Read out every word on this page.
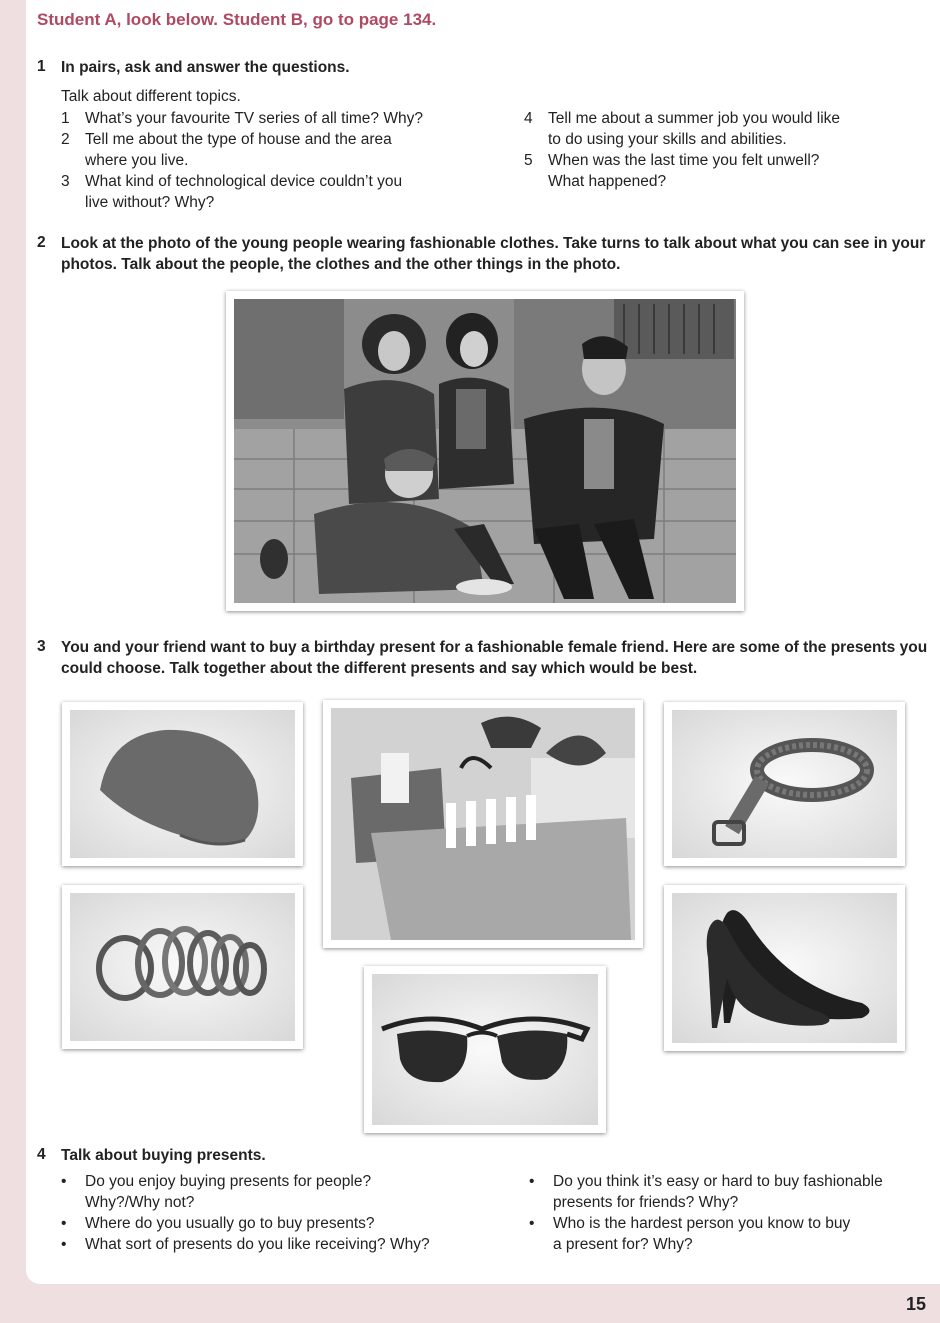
Student A, look below. Student B, go to page 134.
1 In pairs, ask and answer the questions.
Talk about different topics.
1 What’s your favourite TV series of all time? Why?
2 Tell me about the type of house and the area
where you live.
3 What kind of technological device couldn’t you
live without? Why?
4 Tell me about a summer job you would like
to do using your skills and abilities.
5 When was the last time you felt unwell?
What happened?
2 Look at the photo of the young people wearing fashionable clothes. Take turns to talk about what you can see in your
photos. Talk about the people, the clothes and the other things in the photo.
3 You and your friend want to buy a birthday present for a fashionable female friend. Here are some of the presents you
could choose. Talk together about the different presents and say which would be best.
4 Talk about buying presents.
• Do you enjoy buying presents for people?
Why?/Why not?
• Where do you usually go to buy presents?
• What sort of presents do you like receiving? Why?
• Do you think it’s easy or hard to buy fashionable
presents for friends? Why?
• Who is the hardest person you know to buy
a present for? Why?
15
